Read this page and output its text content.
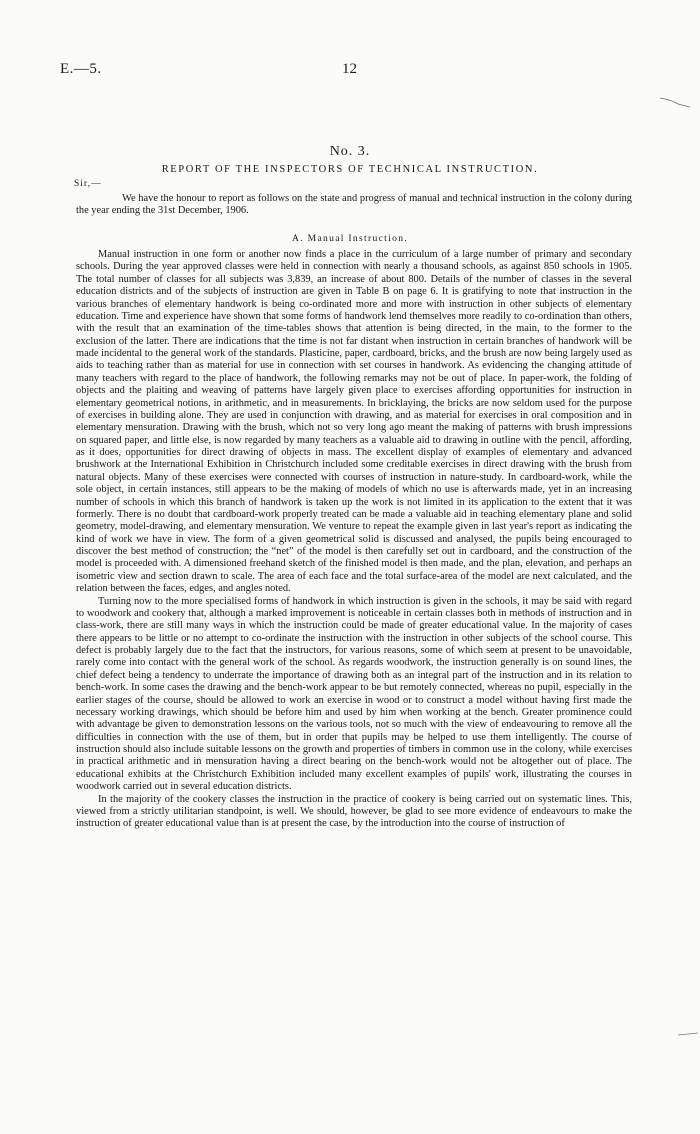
E.—5.	12
No. 3.
REPORT OF THE INSPECTORS OF TECHNICAL INSTRUCTION.
Sir,—

We have the honour to report as follows on the state and progress of manual and technical instruction in the colony during the year ending the 31st December, 1906.

A. Manual Instruction.

Manual instruction in one form or another now finds a place in the curriculum of a large number of primary and secondary schools. During the year approved classes were held in connection with nearly a thousand schools, as against 850 schools in 1905. The total number of classes for all subjects was 3,839, an increase of about 800. Details of the number of classes in the several education districts and of the subjects of instruction are given in Table B on page 6. It is gratifying to note that instruction in the various branches of elementary handwork is being co-ordinated more and more with instruction in other subjects of elementary education. Time and experience have shown that some forms of handwork lend themselves more readily to co-ordination than others, with the result that an examination of the time-tables shows that attention is being directed, in the main, to the former to the exclusion of the latter. There are indications that the time is not far distant when instruction in certain branches of handwork will be made incidental to the general work of the standards. Plasticine, paper, cardboard, bricks, and the brush are now being largely used as aids to teaching rather than as material for use in connection with set courses in handwork. As evidencing the changing attitude of many teachers with regard to the place of handwork, the following remarks may not be out of place. In paper-work, the folding of objects and the plaiting and weaving of patterns have largely given place to exercises affording opportunities for instruction in elementary geometrical notions, in arithmetic, and in measurements. In bricklaying, the bricks are now seldom used for the purpose of exercises in building alone. They are used in conjunction with drawing, and as material for exercises in oral composition and in elementary mensuration. Drawing with the brush, which not so very long ago meant the making of patterns with brush impressions on squared paper, and little else, is now regarded by many teachers as a valuable aid to drawing in outline with the pencil, affording, as it does, opportunities for direct drawing of objects in mass. The excellent display of examples of elementary and advanced brushwork at the International Exhibition in Christchurch included some creditable exercises in direct drawing with the brush from natural objects. Many of these exercises were connected with courses of instruction in nature-study. In cardboard-work, while the sole object, in certain instances, still appears to be the making of models of which no use is afterwards made, yet in an increasing number of schools in which this branch of handwork is taken up the work is not limited in its application to the extent that it was formerly. There is no doubt that cardboard-work properly treated can be made a valuable aid in teaching elementary plane and solid geometry, model-drawing, and elementary mensuration. We venture to repeat the example given in last year's report as indicating the kind of work we have in view. The form of a given geometrical solid is discussed and analysed, the pupils being encouraged to discover the best method of construction; the “net” of the model is then carefully set out in cardboard, and the construction of the model is proceeded with. A dimensioned freehand sketch of the finished model is then made, and the plan, elevation, and perhaps an isometric view and section drawn to scale. The area of each face and the total surface-area of the model are next calculated, and the relation between the faces, edges, and angles noted.

Turning now to the more specialised forms of handwork in which instruction is given in the schools, it may be said with regard to woodwork and cookery that, although a marked improvement is noticeable in certain classes both in methods of instruction and in class-work, there are still many ways in which the instruction could be made of greater educational value. In the majority of cases there appears to be little or no attempt to co-ordinate the instruction with the instruction in other subjects of the school course. This defect is probably largely due to the fact that the instructors, for various reasons, some of which seem at present to be unavoidable, rarely come into contact with the general work of the school. As regards woodwork, the instruction generally is on sound lines, the chief defect being a tendency to underrate the importance of drawing both as an integral part of the instruction and in its relation to bench-work. In some cases the drawing and the bench-work appear to be but remotely connected, whereas no pupil, especially in the earlier stages of the course, should be allowed to work an exercise in wood or to construct a model without having first made the necessary working drawings, which should be before him and used by him when working at the bench. Greater prominence could with advantage be given to demonstration lessons on the various tools, not so much with the view of endeavouring to remove all the difficulties in connection with the use of them, but in order that pupils may be helped to use them intelligently. The course of instruction should also include suitable lessons on the growth and properties of timbers in common use in the colony, while exercises in practical arithmetic and in mensuration having a direct bearing on the bench-work would not be altogether out of place. The educational exhibits at the Christchurch Exhibition included many excellent examples of pupils' work, illustrating the courses in woodwork carried out in several education districts.

In the majority of the cookery classes the instruction in the practice of cookery is being carried out on systematic lines. This, viewed from a strictly utilitarian standpoint, is well. We should, however, be glad to see more evidence of endeavours to make the instruction of greater educational value than is at present the case, by the introduction into the course of instruction of
